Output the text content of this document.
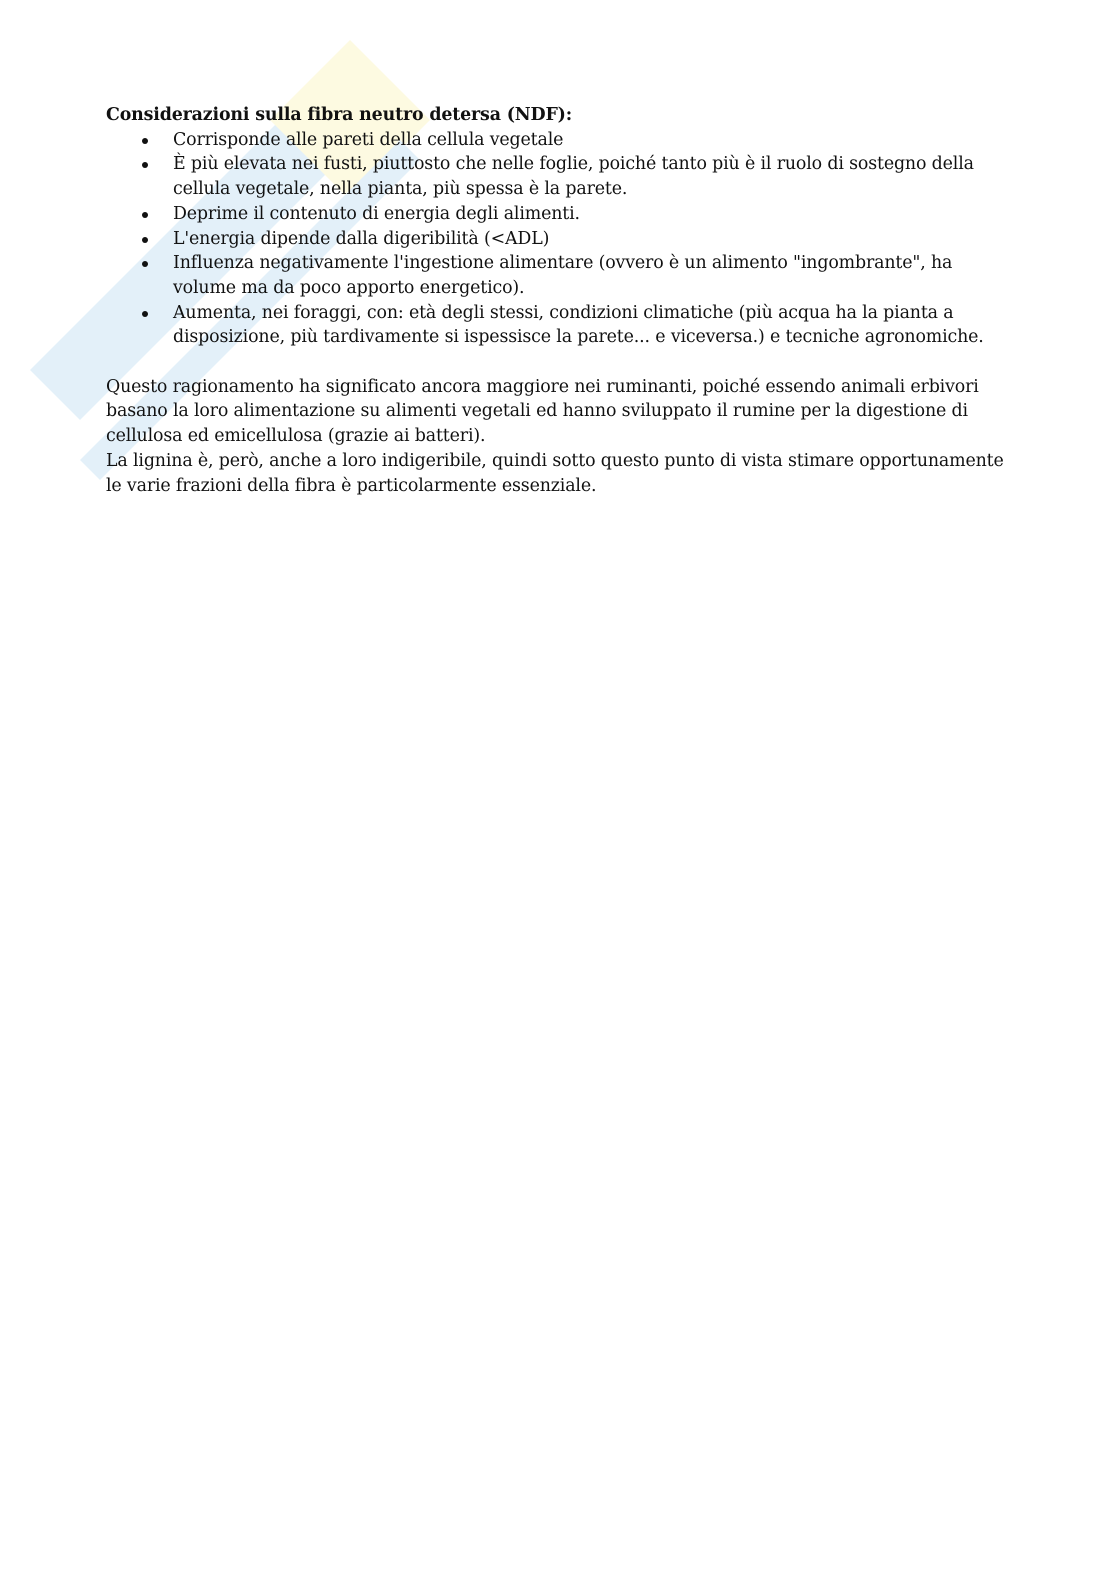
Considerazioni sulla fibra neutro detersa (NDF):

Corrisponde alle pareti della cellula vegetale
È più elevata nei fusti, piuttosto che nelle foglie, poiché tanto più è il ruolo di sostegno della cellula vegetale, nella pianta, più spessa è la parete.
Deprime il contenuto di energia degli alimenti.
L'energia dipende dalla digeribilità (<ADL)
Influenza negativamente l'ingestione alimentare (ovvero è un alimento "ingombrante", ha volume ma da poco apporto energetico).
Aumenta, nei foraggi, con: età degli stessi, condizioni climatiche (più acqua ha la pianta a disposizione, più tardivamente si ispessisce la parete... e viceversa.) e tecniche agronomiche.

Questo ragionamento ha significato ancora maggiore nei ruminanti, poiché essendo animali erbivori basano la loro alimentazione su alimenti vegetali ed hanno sviluppato il rumine per la digestione di cellulosa ed emicellulosa (grazie ai batteri).

La lignina è, però, anche a loro indigeribile, quindi sotto questo punto di vista stimare opportunamente le varie frazioni della fibra è particolarmente essenziale.
